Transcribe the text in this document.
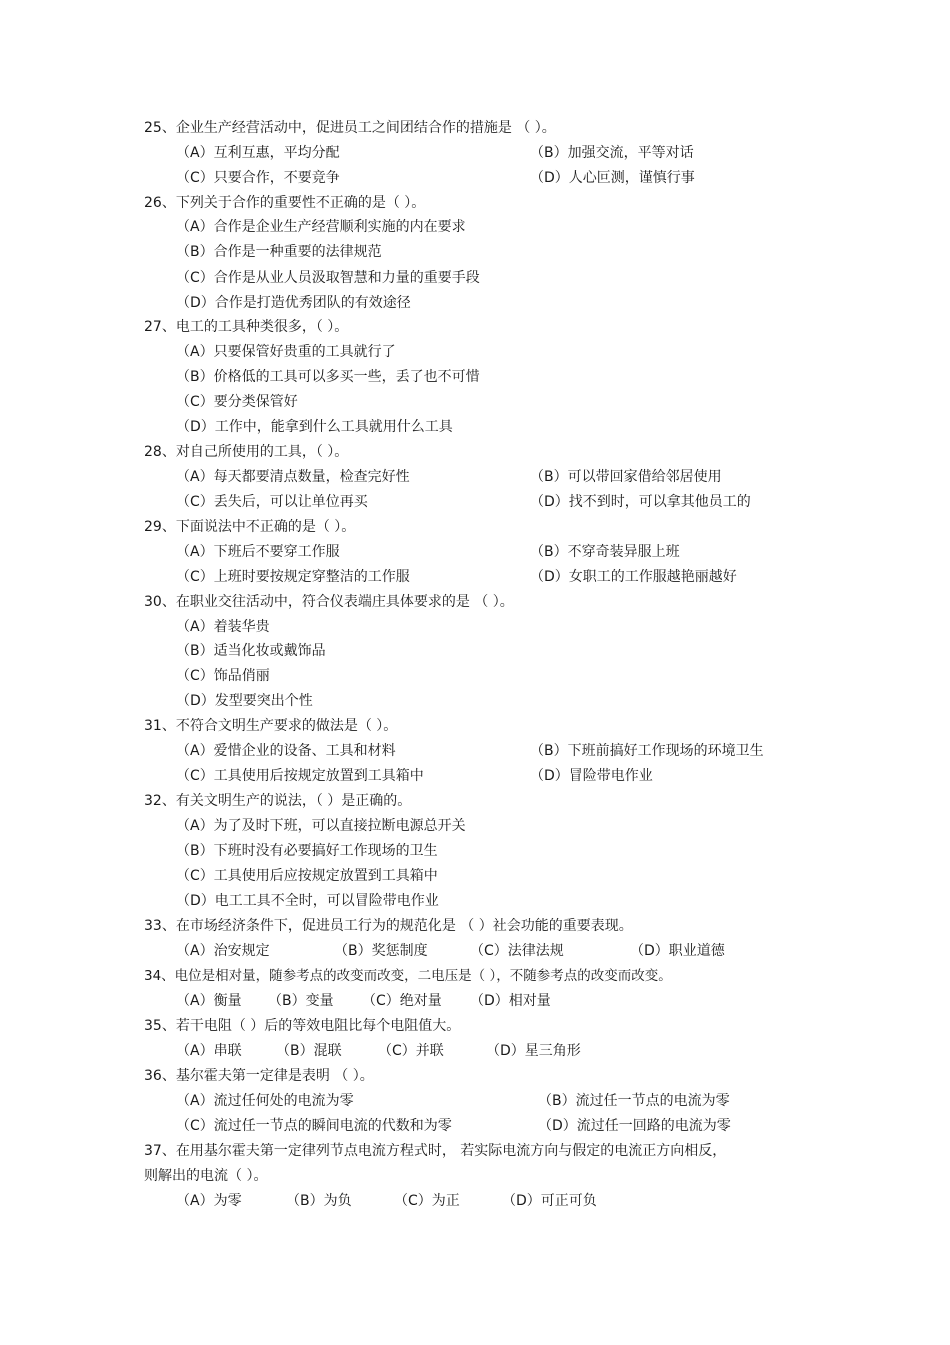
25、企业生产经营活动中，促进员工之间团结合作的措施是 （ ）。
（A）互利互惠，平均分配	（B）加强交流，平等对话
（C）只要合作，不要竞争	（D）人心叵测，谨慎行事
26、下列关于合作的重要性不正确的是（ ）。
（A）合作是企业生产经营顺利实施的内在要求
（B）合作是一种重要的法律规范
（C）合作是从业人员汲取智慧和力量的重要手段
（D）合作是打造优秀团队的有效途径
27、电工的工具种类很多，（ ）。
（A）只要保管好贵重的工具就行了
（B）价格低的工具可以多买一些，丢了也不可惜
（C）要分类保管好
（D）工作中，能拿到什么工具就用什么工具
28、对自己所使用的工具，（ ）。
（A）每天都要清点数量，检查完好性	（B）可以带回家借给邻居使用
（C）丢失后，可以让单位再买	（D）找不到时，可以拿其他员工的
29、下面说法中不正确的是（ ）。
（A）下班后不要穿工作服	（B）不穿奇装异服上班
（C）上班时要按规定穿整洁的工作服	（D）女职工的工作服越艳丽越好
30、在职业交往活动中，符合仪表端庄具体要求的是 （ ）。
（A）着装华贵
（B）适当化妆或戴饰品
（C）饰品俏丽
（D）发型要突出个性
31、不符合文明生产要求的做法是（ ）。
（A）爱惜企业的设备、工具和材料	（B）下班前搞好工作现场的环境卫生
（C）工具使用后按规定放置到工具箱中	（D）冒险带电作业
32、有关文明生产的说法，（ ）是正确的。
（A）为了及时下班，可以直接拉断电源总开关
（B）下班时没有必要搞好工作现场的卫生
（C）工具使用后应按规定放置到工具箱中
（D）电工工具不全时，可以冒险带电作业
33、在市场经济条件下，促进员工行为的规范化是 （ ）社会功能的重要表现。
（A）治安规定	（B）奖惩制度	（C）法律法规	（D）职业道德
34、电位是相对量，随参考点的改变而改变，二电压是（ ），不随参考点的改变而改变。
（A）衡量 （B）变量 （C）绝对量 （D）相对量
35、若干电阻（ ）后的等效电阻比每个电阻值大。
（A）串联 （B）混联	（C）并联	（D）星三角形
36、基尔霍夫第一定律是表明 （ ）。
（A）流过任何处的电流为零	（B）流过任一节点的电流为零
（C）流过任一节点的瞬间电流的代数和为零	（D）流过任一回路的电流为零
37、在用基尔霍夫第一定律列节点电流方程式时， 若实际电流方向与假定的电流正方向相反，
则解出的电流（ ）。
（A）为零	（B）为负	（C）为正	（D）可正可负
